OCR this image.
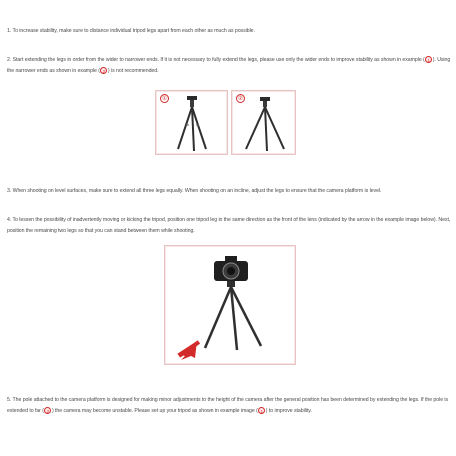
1. To increase stability, make sure to distance individual tripod legs apart from each other as much as possible.
2. Start extending the legs in order from the wider to narrower ends. If it is not necessary to fully extend the legs, please use only the wider ends to improve stability as shown in example ( 1 ). Using the narrower ends as shown in example ( 2 ) is not recommended.
①	②
3. When shooting on level surfaces, make sure to extend all three legs equally. When shooting on an incline, adjust the legs to ensure that the camera platform is level.
4. To lessen the possibility of inadvertently moving or kicking the tripod, position one tripod leg in the same direction as the front of the lens (indicated by the arrow in the example image below). Next, position the remaining two legs so that you can stand between them while shooting.
5. The pole attached to the camera platform is designed for making minor adjustments to the height of the camera after the general position has been determined by extending the legs. If the pole is extended to far ( 2 ) the camera may become unstable. Please set up your tripod as shown in example image ( 1 ) to improve stability.
